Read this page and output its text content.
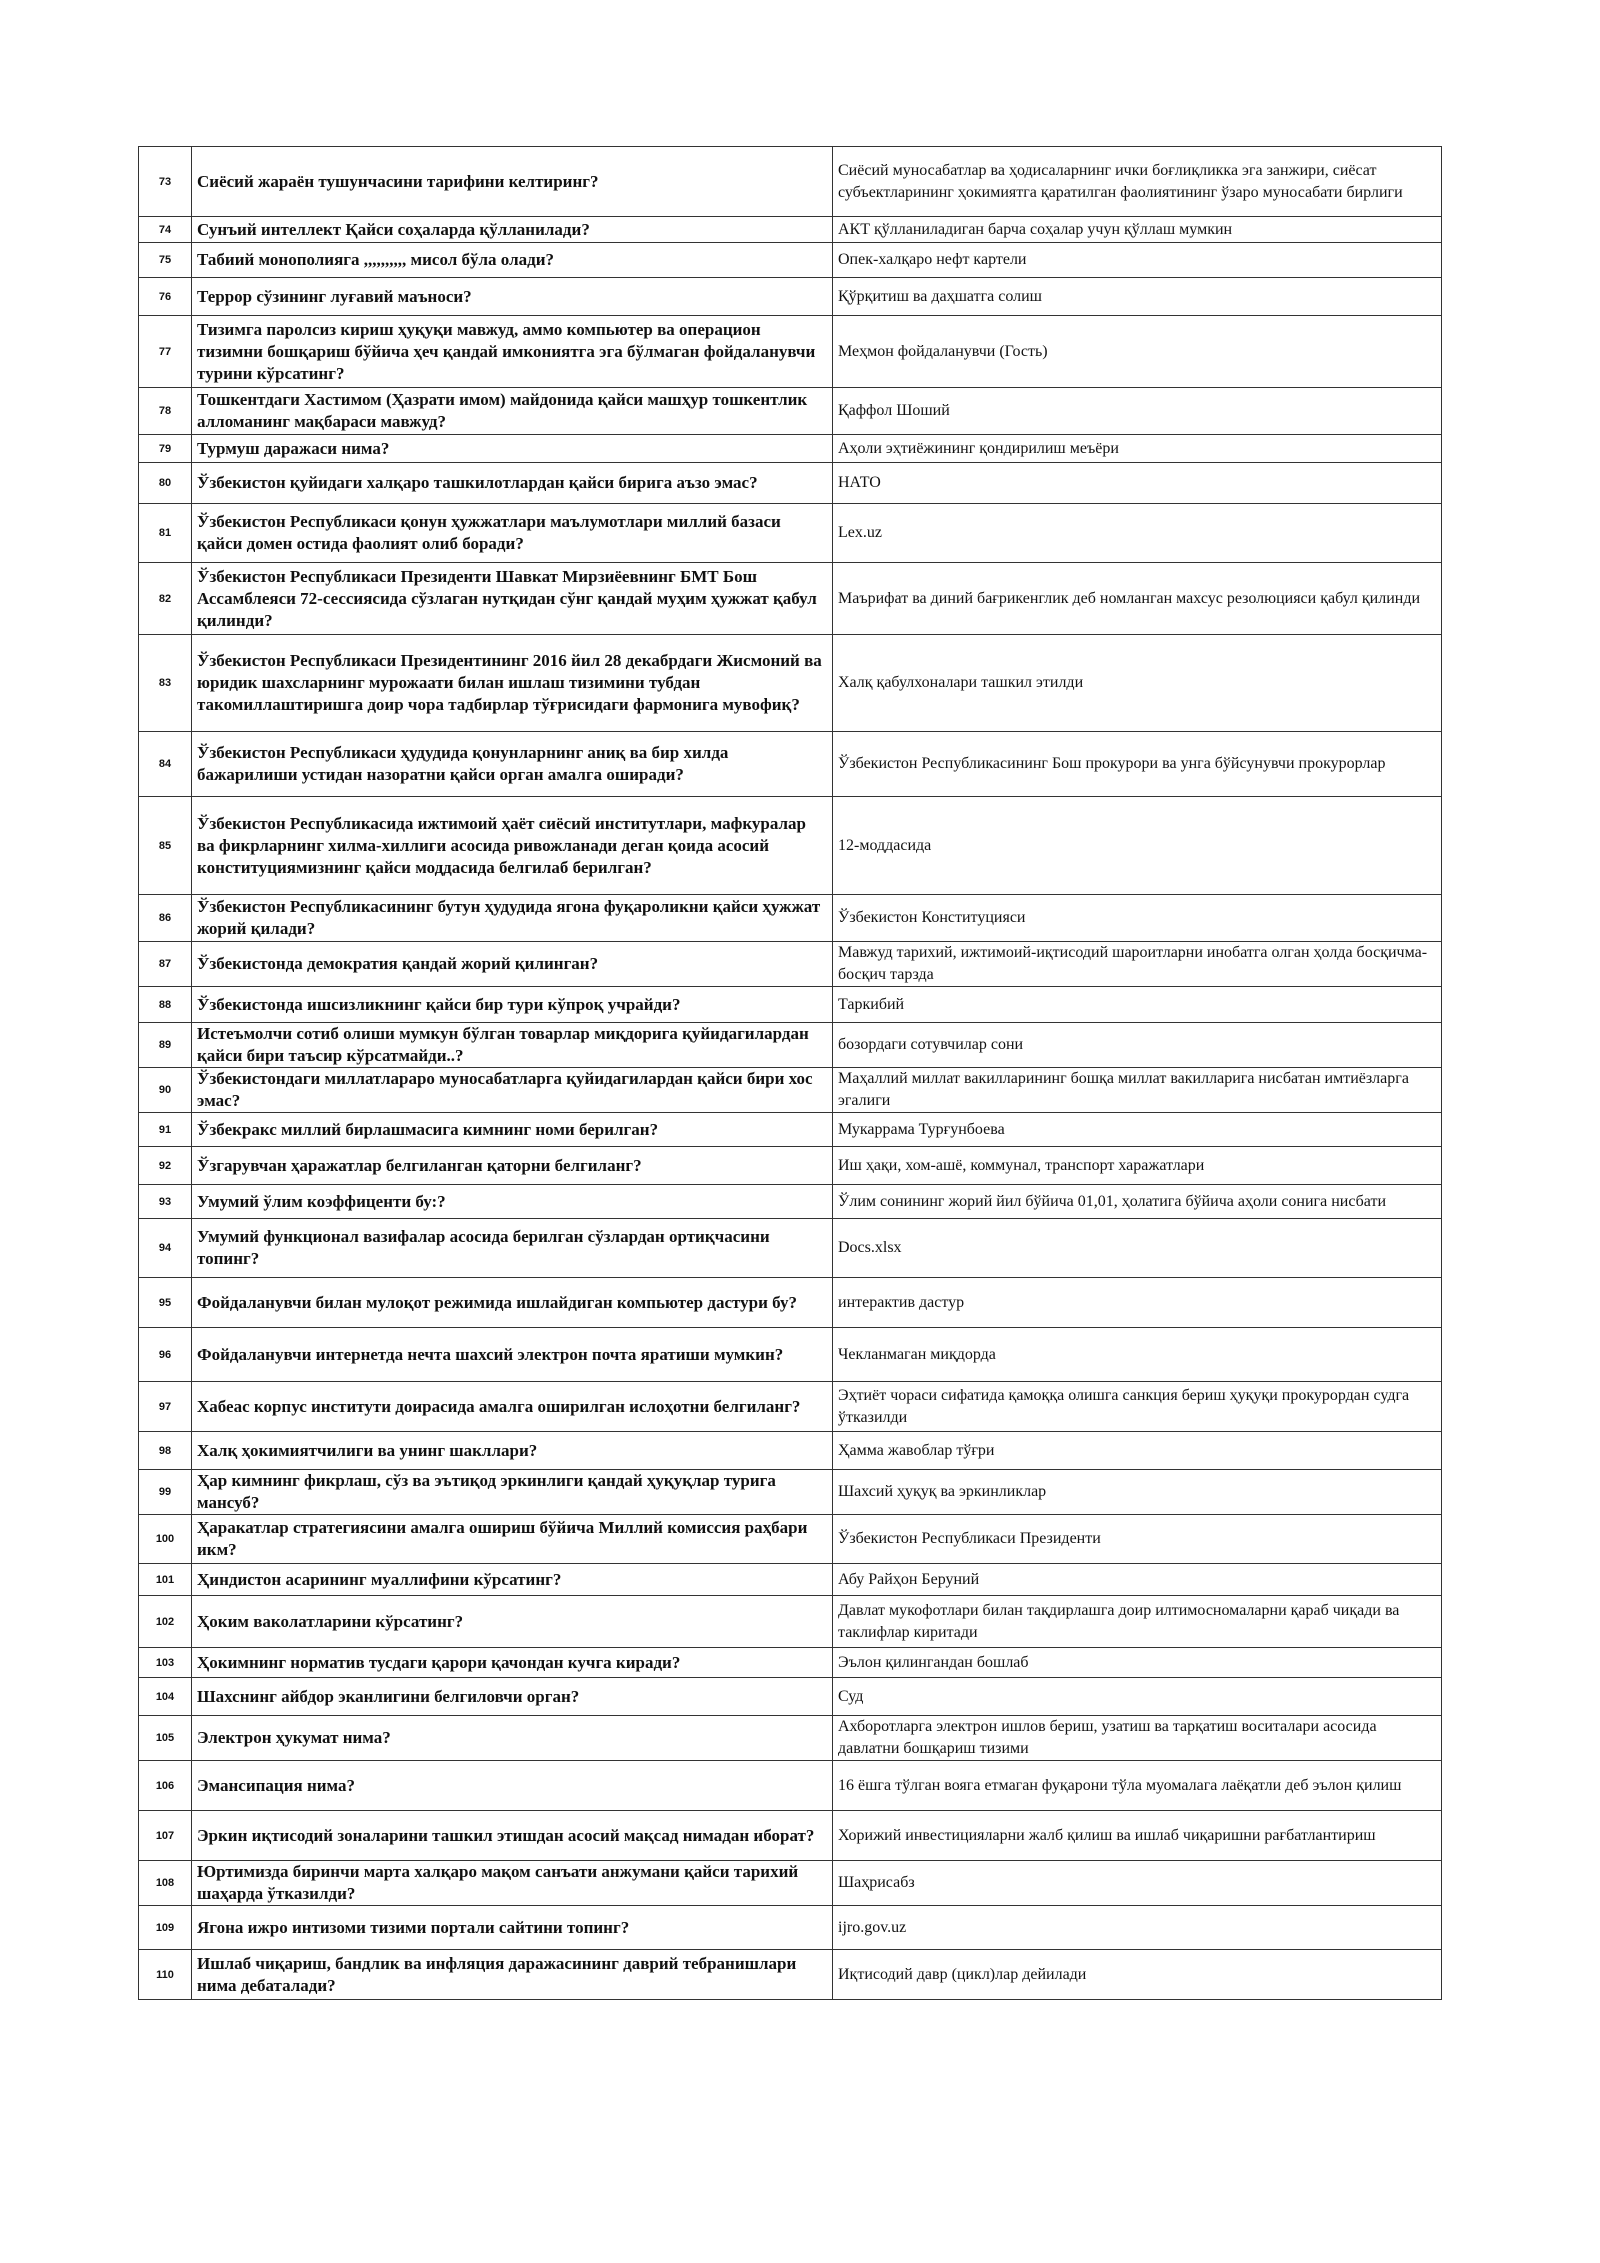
73	Сиёсий жараён тушунчасини тарифини келтиринг?	Сиёсий муносабатлар ва ҳодисаларнинг ички боғлиқликка эга занжири, сиёсат субъектларининг ҳокимиятга қаратилган фаолиятининг ўзаро муносабати бирлиги
74	Сунъий интеллект Қайси соҳаларда қўлланилади?	АКТ қўлланиладиган барча соҳалар учун қўллаш мумкин
75	Табиий монополияга ,,,,,,,,,, мисол бўла олади?	Опек-халқаро нефт картели
76	Террор сўзининг луғавий маъноси?	Қўрқитиш ва даҳшатга солиш
77	Тизимга паролсиз кириш ҳуқуқи мавжуд, аммо компьютер ва операцион тизимни бошқариш бўйича ҳеч қандай имкониятга эга бўлмаган фойдаланувчи турини кўрсатинг?	Меҳмон фойдаланувчи (Гость)
78	Тошкентдаги Хастимом (Ҳазрати имом) майдонида қайси машҳур тошкентлик алломанинг мақбараси мавжуд?	Қаффол Шоший
79	Турмуш даражаси нима?	Аҳоли эҳтиёжининг қондирилиш меъёри
80	Ўзбекистон қуйидаги халқаро ташкилотлардан қайси бирига аъзо эмас?	НАТО
81	Ўзбекистон Республикаси қонун ҳужжатлари маълумотлари миллий базаси қайси домен остида фаолият олиб боради?	Lex.uz
82	Ўзбекистон Республикаси Президенти Шавкат Мирзиёевнинг БМТ Бош Ассамблеяси 72-сессиясида сўзлаган нутқидан сўнг қандай муҳим ҳужжат қабул қилинди?	Маърифат ва диний бағрикенглик деб номланган махсус резолюцияси қабул қилинди
83	Ўзбекистон Республикаси Президентининг 2016 йил 28 декабрдаги Жисмоний ва юридик шахсларнинг мурожаати билан ишлаш тизимини тубдан такомиллаштиришга доир чора тадбирлар тўғрисидаги фармонига мувофиқ?	Халқ қабулхоналари ташкил этилди
84	Ўзбекистон Республикаси ҳудудида қонунларнинг аниқ ва бир хилда бажарилиши устидан назоратни қайси орган амалга оширади?	Ўзбекистон Республикасининг Бош прокурори ва унга бўйсунувчи прокурорлар
85	Ўзбекистон Республикасида ижтимоий ҳаёт сиёсий институтлари, мафкуралар ва фикрларнинг хилма-хиллиги асосида ривожланади деган қоида асосий конституциямизнинг қайси моддасида белгилаб берилган?	12-моддасида
86	Ўзбекистон Республикасининг бутун ҳудудида ягона фуқароликни қайси ҳужжат жорий қилади?	Ўзбекистон Конституцияси
87	Ўзбекистонда демократия қандай жорий қилинган?	Мавжуд тарихий, ижтимоий-иқтисодий шароитларни инобатга олган ҳолда босқичма-босқич тарзда
88	Ўзбекистонда ишсизликнинг қайси бир тури кўпроқ учрайди?	Таркибий
89	Истеъмолчи сотиб олиши мумкун бўлган товарлар миқдорига қуйидагилардан қайси бири таъсир кўрсатмайди..?	бозордаги сотувчилар сони
90	Ўзбекистондаги миллатлараро муносабатларга қуйидагилардан қайси бири хос эмас?	Маҳаллий миллат вакилларининг бошқа миллат вакилларига нисбатан имтиёзларга эгалиги
91	Ўзбекракс миллий бирлашмасига кимнинг номи берилган?	Мукаррама Турғунбоева
92	Ўзгарувчан ҳаражатлар белгиланган қаторни белгиланг?	Иш ҳақи, хом-ашё, коммунал, транспорт харажатлари
93	Умумий ўлим коэффиценти бу:?	Ўлим сонининг жорий йил бўйича 01,01, ҳолатига бўйича аҳоли сонига нисбати
94	Умумий функционал вазифалар асосида берилган сўзлардан ортиқчасини топинг?	Docs.xlsx
95	Фойдаланувчи билан мулоқот режимида ишлайдиган компьютер дастури бу?	интерактив дастур
96	Фойдаланувчи интернетда нечта шахсий электрон почта яратиши мумкин?	Чекланмаган миқдорда
97	Хабеас корпус институти доирасида амалга оширилган ислоҳотни белгиланг?	Эҳтиёт чораси сифатида қамоққа олишга санкция бериш ҳуқуқи прокурордан судга ўтказилди
98	Халқ ҳокимиятчилиги ва унинг шакллари?	Ҳамма жавоблар тўғри
99	Ҳар кимнинг фикрлаш, сўз ва эътиқод эркинлиги қандай ҳуқуқлар турига мансуб?	Шахсий ҳуқуқ ва эркинликлар
100	Ҳаракатлар стратегиясини амалга ошириш бўйича Миллий комиссия раҳбари икм?	Ўзбекистон Республикаси Президенти
101	Ҳиндистон асарининг муаллифини кўрсатинг?	Абу Райҳон Беруний
102	Ҳоким ваколатларини кўрсатинг?	Давлат мукофотлари билан тақдирлашга доир илтимосномаларни қараб чиқади ва таклифлар киритади
103	Ҳокимнинг норматив тусдаги қарори қачондан кучга киради?	Эълон қилингандан бошлаб
104	Шахснинг айбдор эканлигини белгиловчи орган?	Суд
105	Электрон ҳукумат нима?	Ахборотларга электрон ишлов бериш, узатиш ва тарқатиш воситалари асосида давлатни бошқариш тизими
106	Эмансипация нима?	16 ёшга тўлган вояга етмаган фуқарони тўла муомалага лаёқатли деб эълон қилиш
107	Эркин иқтисодий зоналарини ташкил этишдан асосий мақсад нимадан иборат?	Хорижий инвестицияларни жалб қилиш ва ишлаб чиқаришни рағбатлантириш
108	Юртимизда биринчи марта халқаро мақом санъати анжумани қайси тарихий шаҳарда ўтказилди?	Шаҳрисабз
109	Ягона ижро интизоми тизими портали сайтини топинг?	ijro.gov.uz
110	Ишлаб чиқариш, бандлик ва инфляция даражасининг даврий тебранишлари нима дебаталади?	Иқтисодий давр (цикл)лар дейилади
